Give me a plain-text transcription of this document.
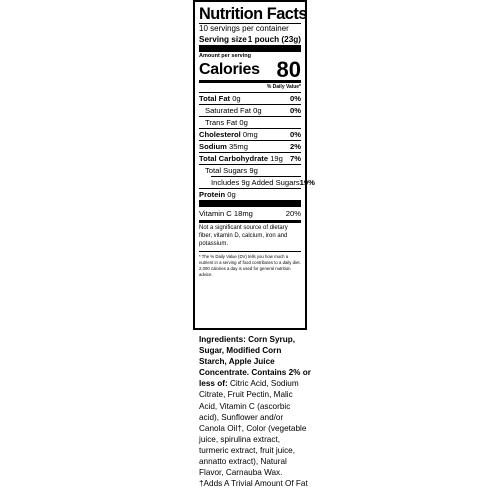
Nutrition Facts
10 servings per container
Serving size 1 pouch (23g)
Amount per serving
Calories 80
% Daily Value*
Total Fat 0g	0%
Saturated Fat 0g	0%
Trans Fat 0g
Cholesterol 0mg	0%
Sodium 35mg	2%
Total Carbohydrate 19g 7%
Total Sugars 9g
Includes 9g Added Sugars 19%
Protein 0g
Vitamin C 18mg	20%
Not a significant source of dietary fiber, vitamin D, calcium, iron and potassium.
* The % Daily Value (DV) tells you how much a nutrient in a serving of food contributes to a daily diet. 2,000 calories a day is used for general nutrition advice.
Ingredients: Corn Syrup, Sugar, Modified Corn Starch, Apple Juice Concentrate. Contains 2% or less of: Citric Acid, Sodium Citrate, Fruit Pectin, Malic Acid, Vitamin C (ascorbic acid), Sunflower and/or Canola Oil†, Color (vegetable juice, spirulina extract, turmeric extract, fruit juice, annatto extract), Natural Flavor, Carnauba Wax.
†Adds A Trivial Amount Of Fat
